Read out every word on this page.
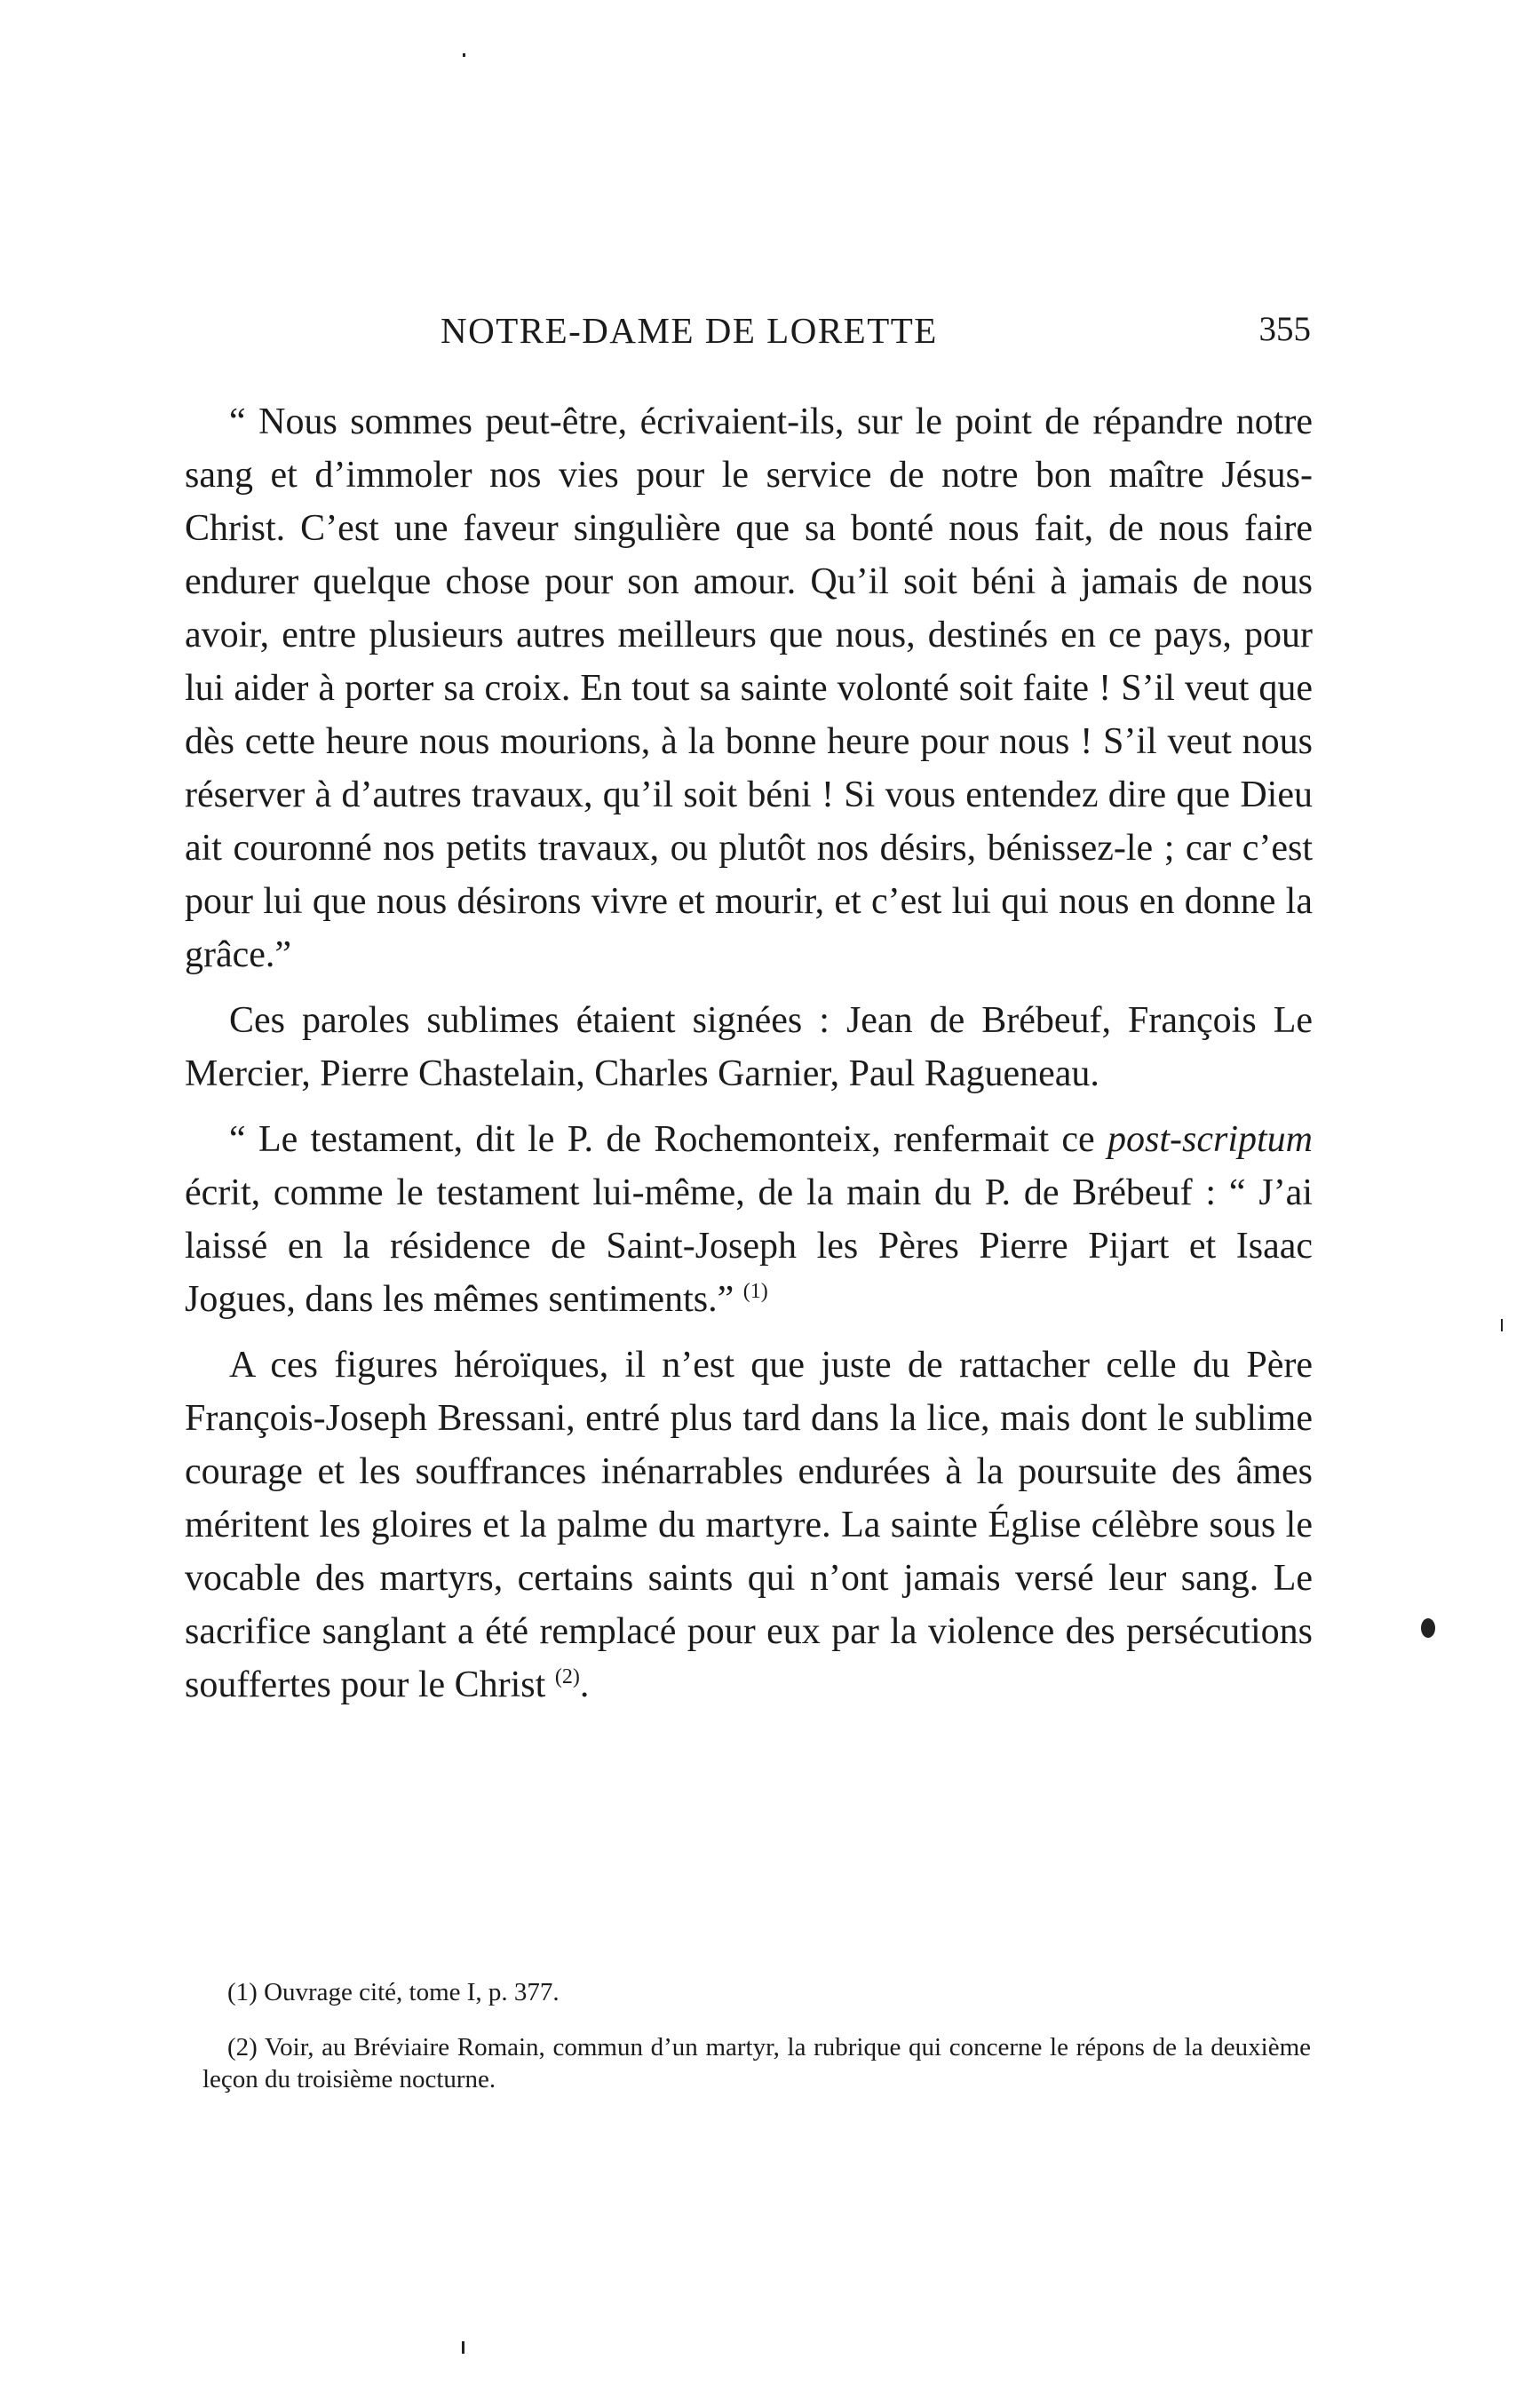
NOTRE-DAME DE LORETTE	355

“ Nous sommes peut-être, écrivaient-ils, sur le point de répandre notre sang et d’immoler nos vies pour le service de notre bon maître Jésus-Christ. C’est une faveur singulière que sa bonté nous fait, de nous faire endurer quelque chose pour son amour. Qu’il soit béni à jamais de nous avoir, entre plusieurs autres meilleurs que nous, destinés en ce pays, pour lui aider à porter sa croix. En tout sa sainte volonté soit faite ! S’il veut que dès cette heure nous mourions, à la bonne heure pour nous ! S’il veut nous réserver à d’autres travaux, qu’il soit béni ! Si vous entendez dire que Dieu ait couronné nos petits travaux, ou plutôt nos désirs, bénissez-le ; car c’est pour lui que nous désirons vivre et mourir, et c’est lui qui nous en donne la grâce.”

Ces paroles sublimes étaient signées : Jean de Brébeuf, François Le Mercier, Pierre Chastelain, Charles Garnier, Paul Ragueneau.

“ Le testament, dit le P. de Rochemonteix, renfermait ce post-scriptum écrit, comme le testament lui-même, de la main du P. de Brébeuf : “ J’ai laissé en la résidence de Saint-Joseph les Pères Pierre Pijart et Isaac Jogues, dans les mêmes sentiments.” $^{(1)}$

A ces figures héroïques, il n’est que juste de rattacher celle du Père François-Joseph Bressani, entré plus tard dans la lice, mais dont le sublime courage et les souffrances inénarrables endurées à la poursuite des âmes méritent les gloires et la palme du martyre. La sainte Église célèbre sous le vocable des martyrs, certains saints qui n’ont jamais versé leur sang. Le sacrifice sanglant a été remplacé pour eux par la violence des persécutions souffertes pour le Christ $^{(2)}$.

(1) Ouvrage cité, tome I, p. 377.

(2) Voir, au Bréviaire Romain, commun d’un martyr, la rubrique qui concerne le répons de la deuxième leçon du troisième nocturne.
